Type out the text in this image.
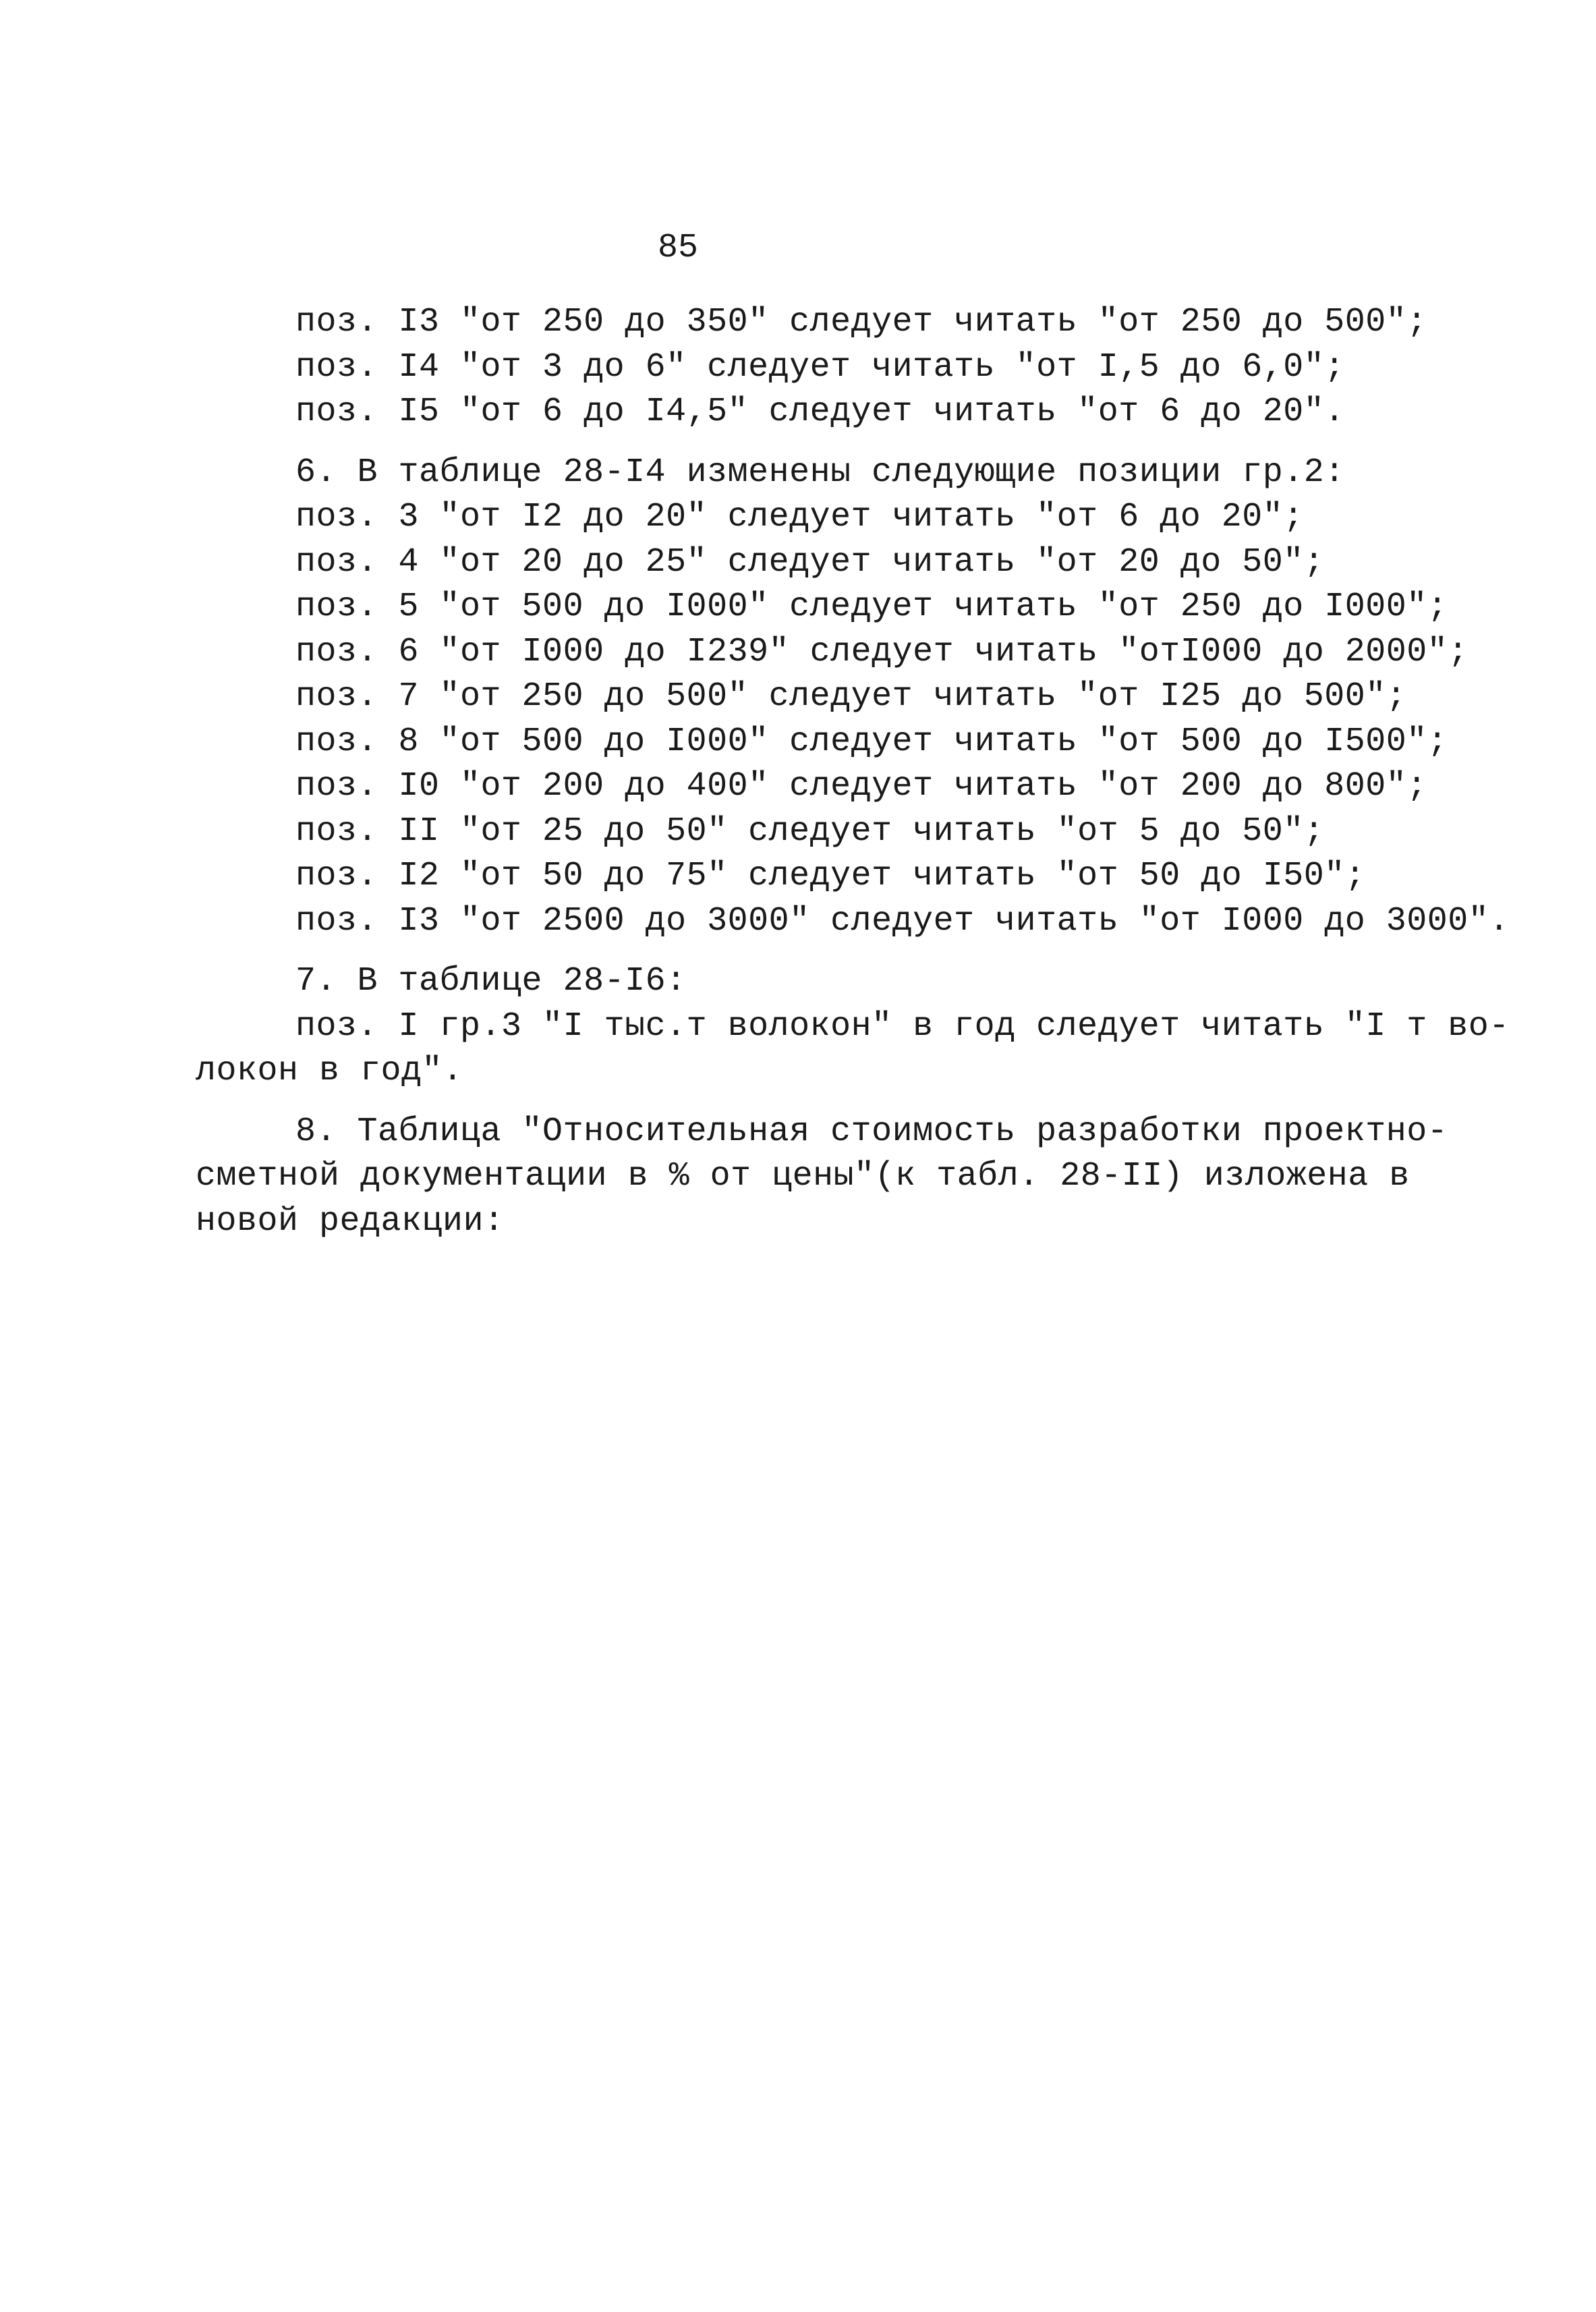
85
поз. I3 "от 250 до 350" следует читать "от 250 до 500";
поз. I4 "от 3 до 6" следует читать "от I,5 до 6,0";
поз. I5 "от 6 до I4,5" следует читать "от 6 до 20".
6. В таблице 28-I4 изменены следующие позиции гр.2:
поз. 3 "от I2 до 20" следует читать "от 6 до 20";
поз. 4 "от 20 до 25" следует читать "от 20 до 50";
поз. 5 "от 500 до I000" следует читать "от 250 до I000";
поз. 6 "от I000 до I239" следует читать "отI000 до 2000";
поз. 7 "от 250 до 500" следует читать "от I25 до 500";
поз. 8 "от 500 до I000" следует читать "от 500 до I500";
поз. I0 "от 200 до 400" следует читать "от 200 до 800";
поз. II "от 25 до 50" следует читать "от 5 до 50";
поз. I2 "от 50 до 75" следует читать "от 50 до I50";
поз. I3 "от 2500 до 3000" следует читать "от I000 до 3000".
7. В таблице 28-I6:
поз. I гр.3 "I тыс.т волокон" в год следует читать "I т во-
локон в год".
8. Таблица "Относительная стоимость разработки проектно-
сметной документации в % от цены"(к табл. 28-II) изложена в
новой редакции:
